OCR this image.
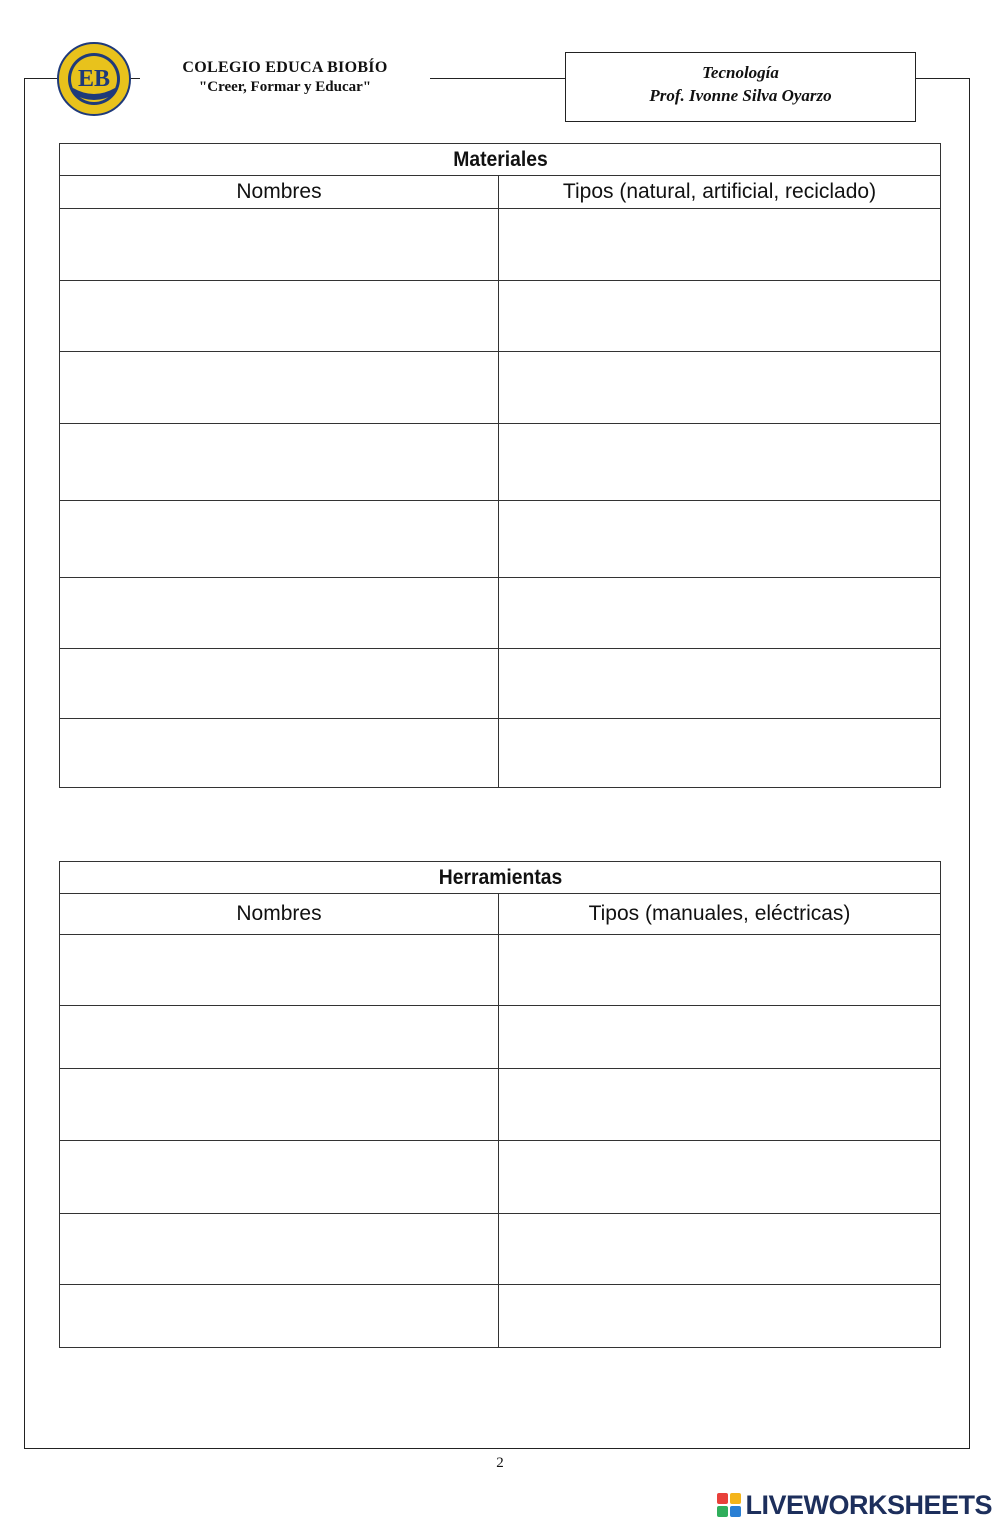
EB	COLEGIO EDUCA BIOBÍO
"Creer, Formar y Educar"
Tecnología
Prof. Ivonne Silva Oyarzo
Materiales	
Nombres	Tipos (natural, artificial, reciclado)

Herramientas	
Nombres	Tipos (manuales, eléctricas)

2
LIVEWORKSHEETS
